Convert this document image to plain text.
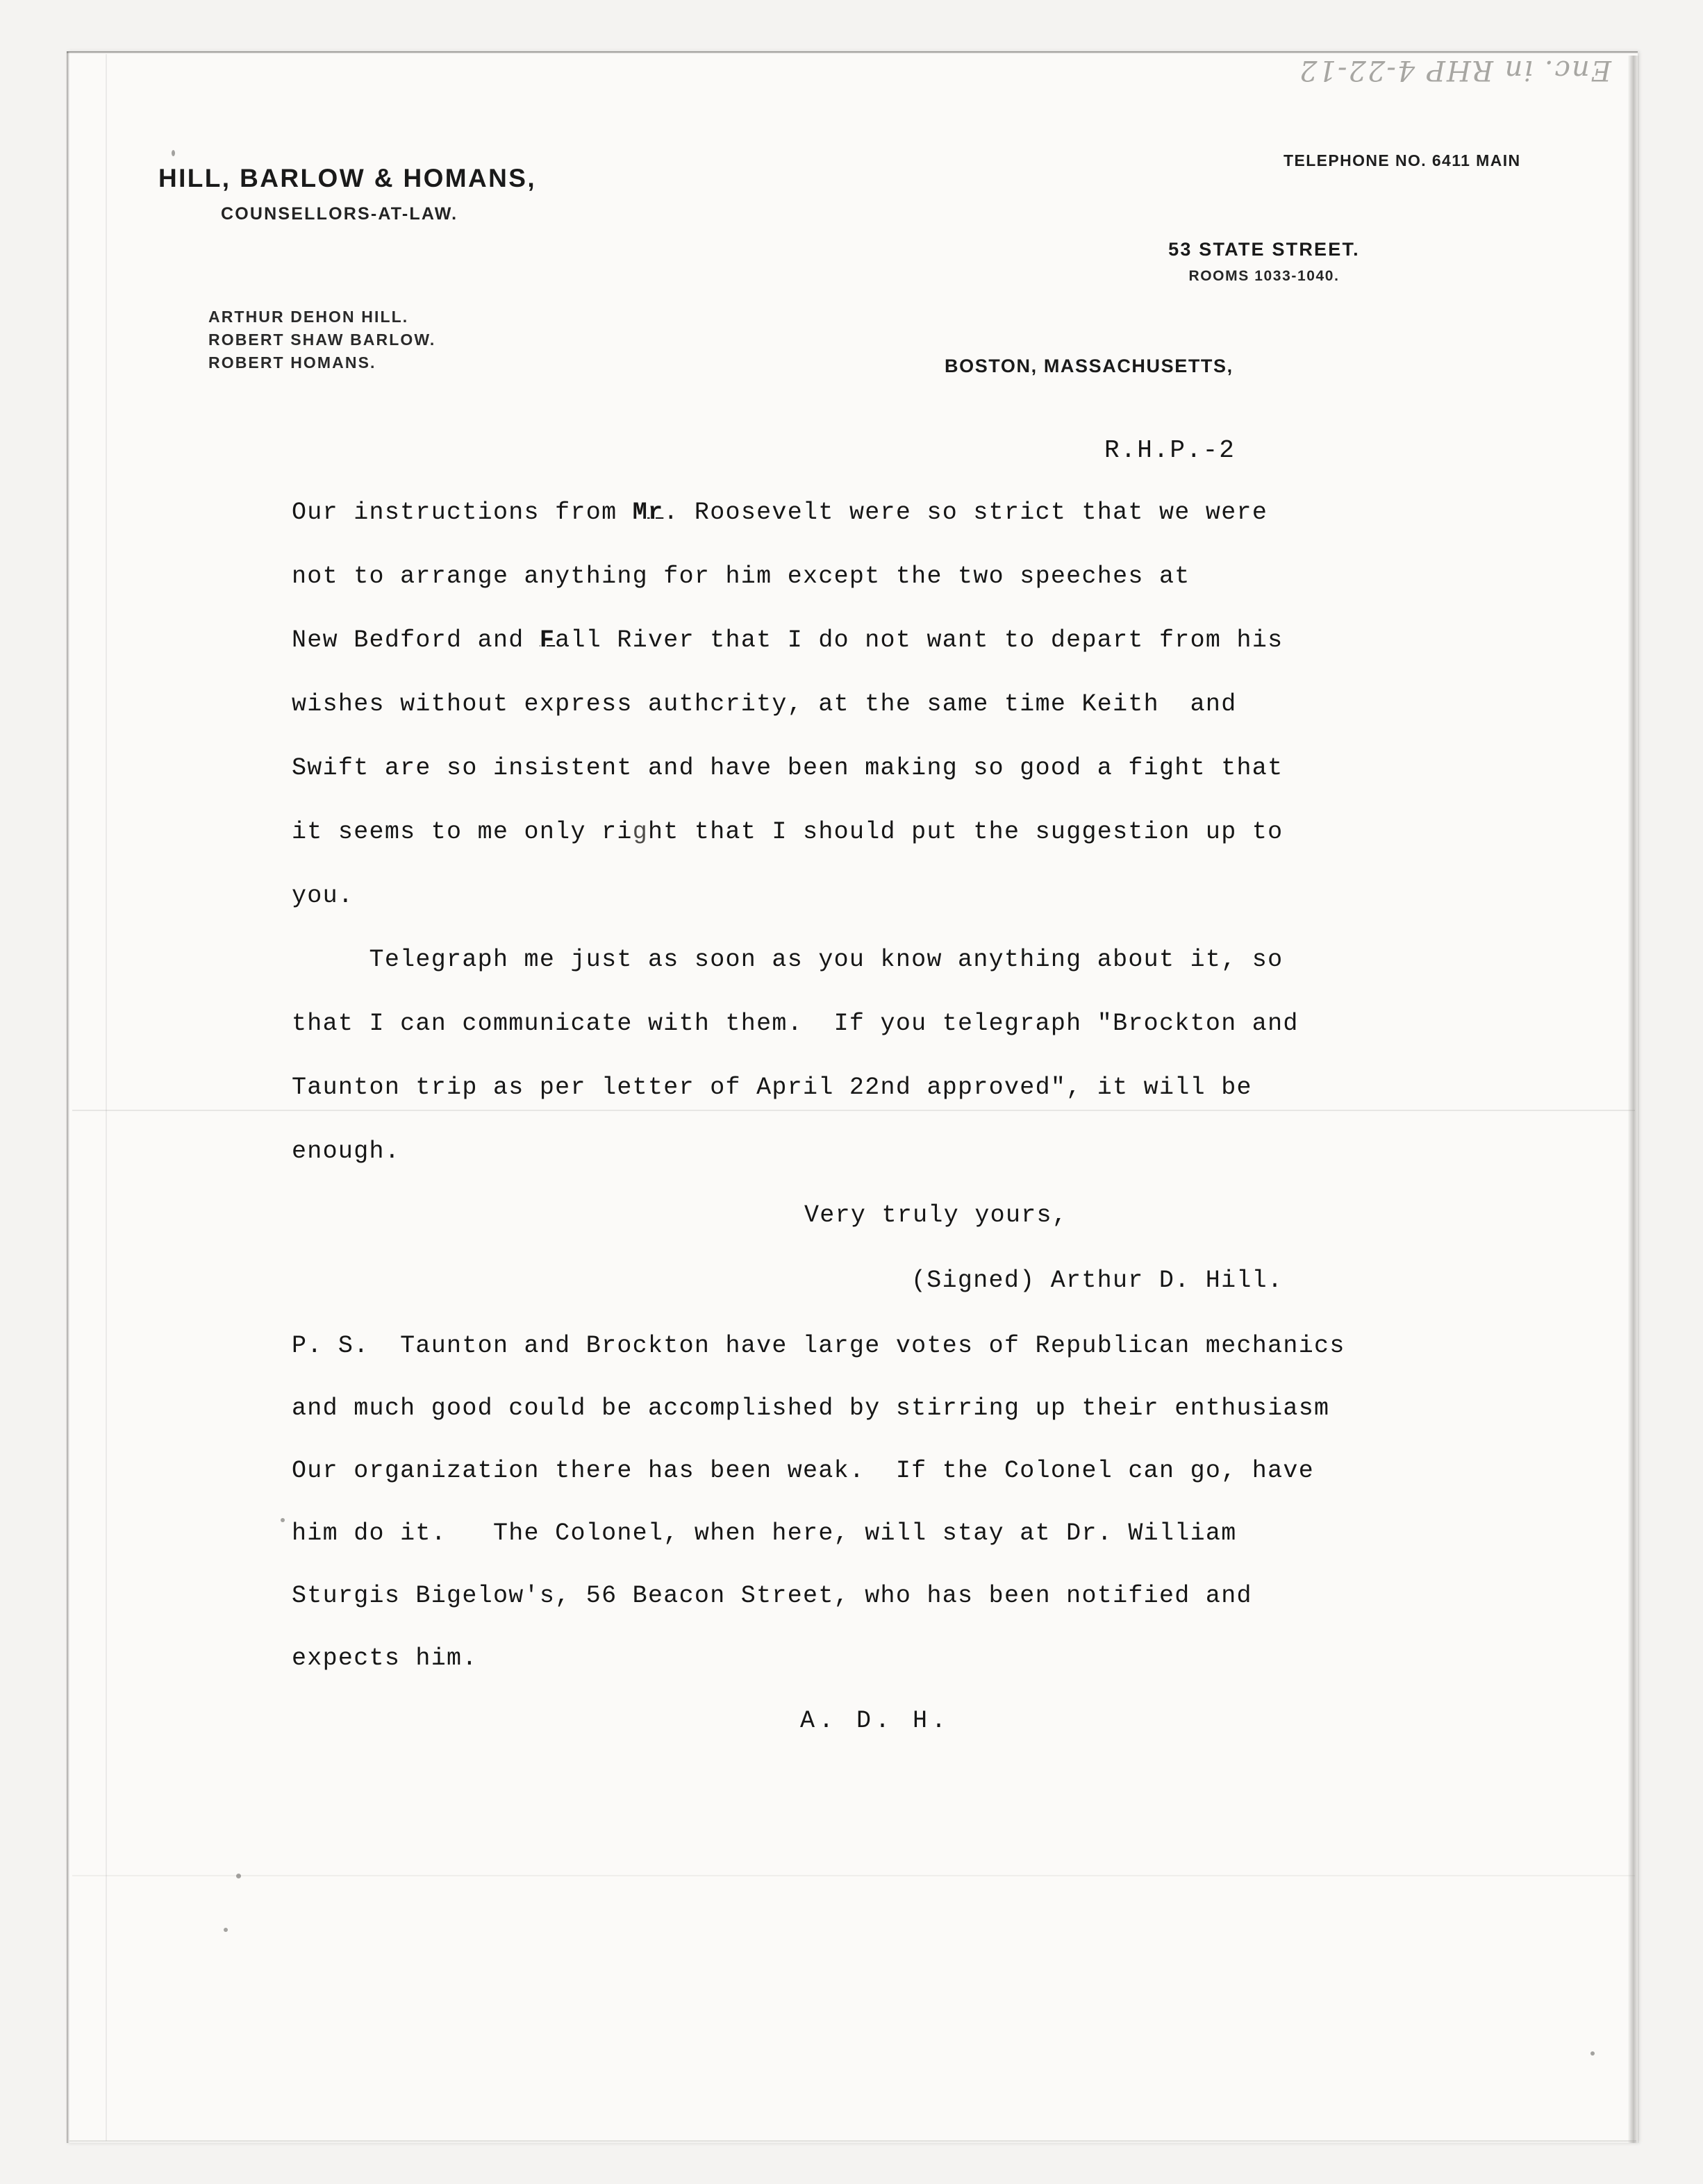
Enc. in RHP 4-22-12
HILL, BARLOW & HOMANS,
COUNSELLORS-AT-LAW.
ARTHUR DEHON HILL.
ROBERT SHAW BARLOW.
ROBERT HOMANS.
TELEPHONE NO. 6411 MAIN
53 STATE STREET.
ROOMS 1033-1040.
BOSTON, MASSACHUSETTS,

R.H.P.-2

Our instructions from Mr. Roosevelt were so strict that we were

not to arrange anything for him except the two speeches at

New Bedford and Fall River that I do not want to depart from his

wishes without express authcrity, at the same time Keith  and

Swift are so insistent and have been making so good a fight that

it seems to me only right that I should put the suggestion up to

you.

Telegraph me just as soon as you know anything about it, so

that I can communicate with them.  If you telegraph "Brockton and

Taunton trip as per letter of April 22nd approved", it will be

enough.

Very truly yours,

(Signed) Arthur D. Hill.

P. S.  Taunton and Brockton have large votes of Republican mechanics

and much good could be accomplished by stirring up their enthusiasm

Our organization there has been weak.  If the Colonel can go, have

him do it.   The Colonel, when here, will stay at Dr. William

Sturgis Bigelow's, 56 Beacon Street, who has been notified and

expects him.

A. D. H.
